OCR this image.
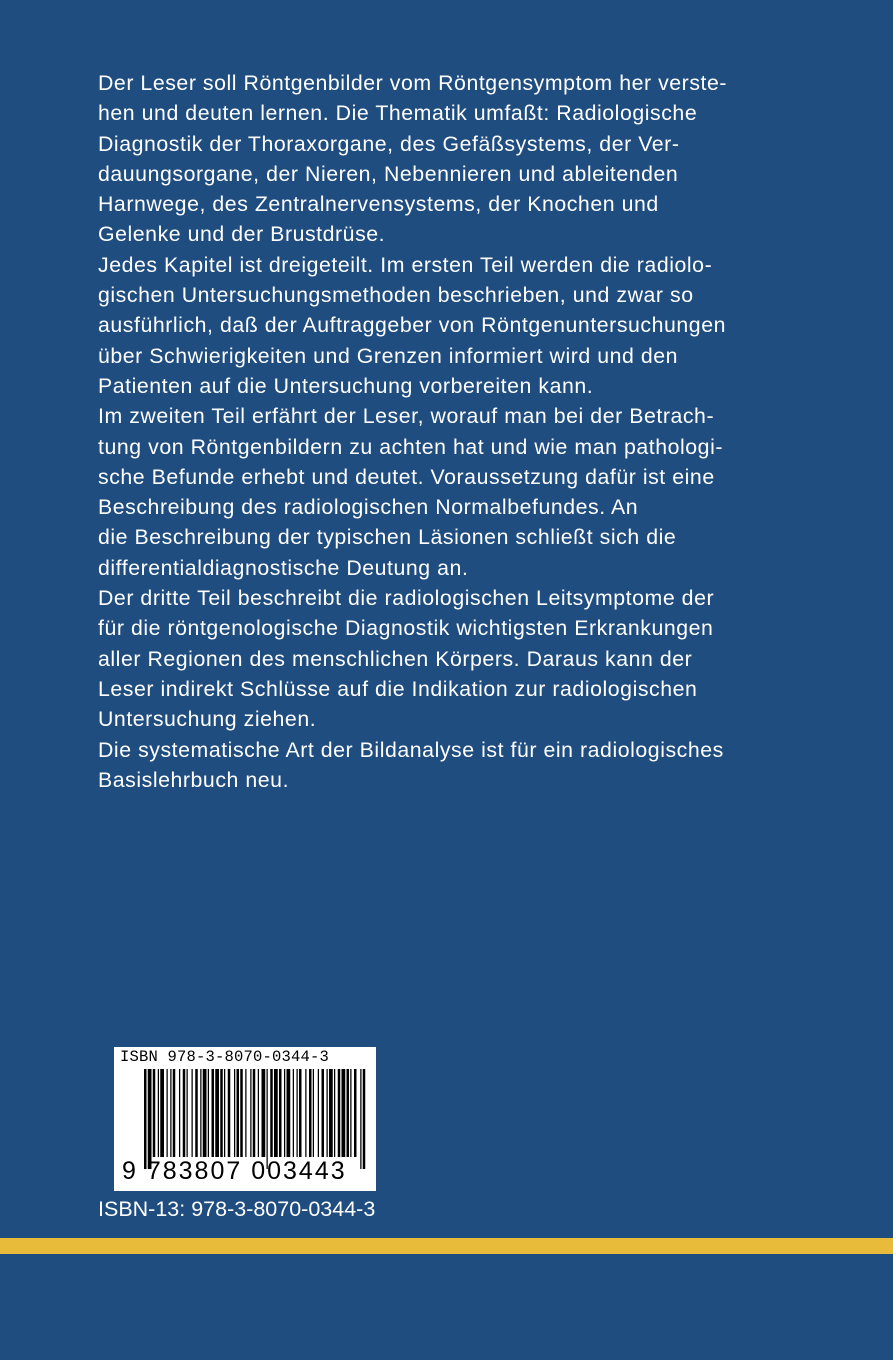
Der Leser soll Röntgenbilder vom Röntgensymptom her verste-
hen und deuten lernen. Die Thematik umfaßt: Radiologische
Diagnostik der Thoraxorgane, des Gefäßsystems, der Ver-
dauungsorgane, der Nieren, Nebennieren und ableitenden
Harnwege, des Zentralnervensystems, der Knochen und
Gelenke und der Brustdrüse.
Jedes Kapitel ist dreigeteilt. Im ersten Teil werden die radiolo-
gischen Untersuchungsmethoden beschrieben, und zwar so
ausführlich, daß der Auftraggeber von Röntgenuntersuchungen
über Schwierigkeiten und Grenzen informiert wird und den
Patienten auf die Untersuchung vorbereiten kann.
Im zweiten Teil erfährt der Leser, worauf man bei der Betrach-
tung von Röntgenbildern zu achten hat und wie man pathologi-
sche Befunde erhebt und deutet. Voraussetzung dafür ist eine
Beschreibung des radiologischen Normalbefundes. An
die Beschreibung der typischen Läsionen schließt sich die
differentialdiagnostische Deutung an.
Der dritte Teil beschreibt die radiologischen Leitsymptome der
für die röntgenologische Diagnostik wichtigsten Erkrankungen
aller Regionen des menschlichen Körpers. Daraus kann der
Leser indirekt Schlüsse auf die Indikation zur radiologischen
Untersuchung ziehen.
Die systematische Art der Bildanalyse ist für ein radiologisches
Basislehrbuch neu.
ISBN 978-3-8070-0344-3
9 783807 003443
ISBN-13: 978-3-8070-0344-3
